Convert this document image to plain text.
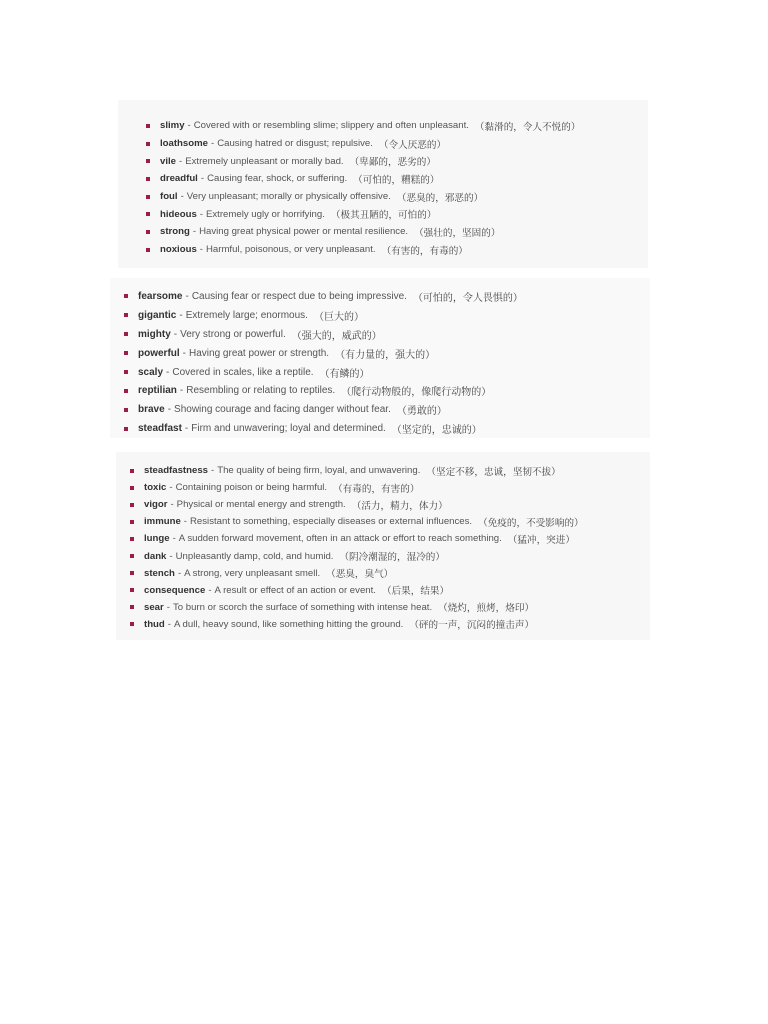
slimy - Covered with or resembling slime; slippery and often unpleasant. （黏滑的，令人不悦的）
loathsome - Causing hatred or disgust; repulsive. （令人厌恶的）
vile - Extremely unpleasant or morally bad. （卑鄙的，恶劣的）
dreadful - Causing fear, shock, or suffering. （可怕的，糟糕的）
foul - Very unpleasant; morally or physically offensive. （恶臭的，邪恶的）
hideous - Extremely ugly or horrifying. （极其丑陋的，可怕的）
strong - Having great physical power or mental resilience. （强壮的，坚固的）
noxious - Harmful, poisonous, or very unpleasant. （有害的，有毒的）
fearsome - Causing fear or respect due to being impressive. （可怕的，令人畏惧的）
gigantic - Extremely large; enormous. （巨大的）
mighty - Very strong or powerful. （强大的，威武的）
powerful - Having great power or strength. （有力量的，强大的）
scaly - Covered in scales, like a reptile. （有鳞的）
reptilian - Resembling or relating to reptiles. （爬行动物般的，像爬行动物的）
brave - Showing courage and facing danger without fear. （勇敢的）
steadfast - Firm and unwavering; loyal and determined. （坚定的，忠诚的）
steadfastness - The quality of being firm, loyal, and unwavering. （坚定不移，忠诚，坚韧不拔）
toxic - Containing poison or being harmful. （有毒的，有害的）
vigor - Physical or mental energy and strength. （活力，精力，体力）
immune - Resistant to something, especially diseases or external influences. （免疫的，不受影响的）
lunge - A sudden forward movement, often in an attack or effort to reach something. （猛冲，突进）
dank - Unpleasantly damp, cold, and humid. （阴冷潮湿的，湿冷的）
stench - A strong, very unpleasant smell. （恶臭，臭气）
consequence - A result or effect of an action or event. （后果，结果）
sear - To burn or scorch the surface of something with intense heat. （烧灼，煎烤，烙印）
thud - A dull, heavy sound, like something hitting the ground. （砰的一声，沉闷的撞击声）
